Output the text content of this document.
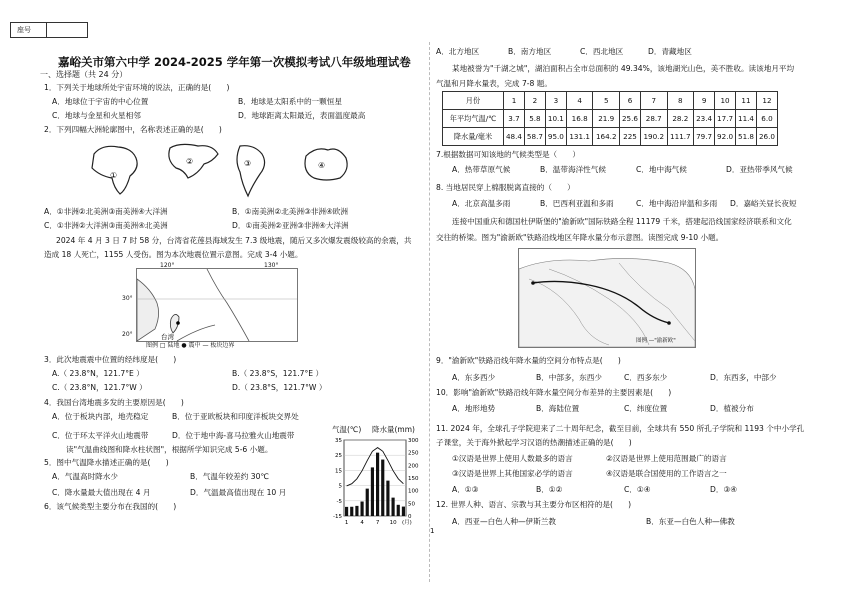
座号
嘉峪关市第六中学 2024-2025 学年第一次模拟考试八年级地理试卷
一、选择题（共 24 分）
1．下列关于地球所处宇宙环境的说法，正确的是(　　)
A．地球位于宇宙的中心位置	B．地球是太阳系中的一颗恒星
C．地球与金星和火星相邻	D．地球距离太阳最近，表面温度最高
2．下列四幅大洲轮廓图中，名称表述正确的是(　　)
①
②	③	④
A．①非洲②北美洲③南美洲④大洋洲	B．①南美洲②北美洲③非洲④欧洲
C．①非洲②大洋洲③南美洲④北美洲	D．①南美洲②亚洲③非洲④大洋洲
2024 年 4 月 3 日 7 时 58 分，台湾省花莲县海域发生 7.3 级地震，随后又多次爆发震级较高的余震，共
造成 18 人死亡，1155 人受伤。图为本次地震位置示意图。完成 3-4 小题。
台湾
120°	130°
30°
20°
图例 □ 陆地 ● 震中 — 板块边界
3．此次地震震中位置的经纬度是(　　)
A.（ 23.8°N，121.7°E ）	B.（ 23.8°S，121.7°E ）
C.（ 23.8°N，121.7°W ）	D.（ 23.8°S，121.7°W ）
4．我国台湾地震多发的主要原因是(　　)
A．位于板块内部，地壳稳定	B．位于亚欧板块和印度洋板块交界处
C．位于环太平洋火山地震带	D．位于地中海-喜马拉雅火山地震带
读"气温曲线图和降水柱状图"，根据所学知识完成 5-6 小题。
5．图中气温降水描述正确的是(　　)
A．气温高时降水少	B．气温年较差约 30℃
C．降水量最大值出现在 4 月	D．气温最高值出现在 10 月
6．该气候类型主要分布在我国的(　　)
气温(℃) 降水量(mm)
35
25
15
5
-5
-15
300
250
200
150
100
50
0
1 4 7 10 (月)
A．北方地区	B．南方地区	C．西北地区	D．青藏地区
某地被誉为"千湖之城"，湖泊面积占全市总面积的 49.34%，该地湖光山色，美不胜收。读该地月平均
气温和月降水量表，完成 7-8 题。
月份	1	2	3	4	5	6	7	8	9	10	11	12
年平均气温/℃	3.7	5.8	10.1	16.8	21.9	25.6	28.7	28.2	23.4	17.7	11.4	6.0
降水量/毫米	48.4	58.7	95.0	131.1	164.2	225	190.2	111.7	79.7	92.0	51.8	26.0
7.根据数据可知该地的气候类型是（　　）
A．热带草原气候	B．温带海洋性气候	C．地中海气候	D．亚热带季风气候
8. 当地居民穿上棉服脱离直接的（　　）
A．北京高温多雨	B．巴西利亚温和多雨	C．地中海沿岸温和多雨 D．嘉峪关昼长夜短
连接中国重庆和德国杜伊斯堡的"渝新欧"国际铁路全程 11179 千米，搭建起沿线国家经济联系和文化
交往的桥梁。图为"渝新欧"铁路沿线地区年降水量分布示意图。读图完成 9-10 小题。
图例 —"渝新欧"
9．"渝新欧"铁路沿线年降水量的空间分布特点是(　　)
A．东多西少	B．中部多，东西少	C．西多东少	D．东西多，中部少
10．影响"渝新欧"铁路沿线年降水量空间分布差异的主要因素是(　　)
A．地形地势	B．海陆位置	C．纬度位置	D．植被分布
11. 2024 年，全球孔子学院迎来了二十周年纪念，截至目前，全球共有 550 所孔子学院和 1193 个中小学孔
子课堂，关于海外掀起学习汉语的热潮描述正确的是(　　)
①汉语是世界上使用人数最多的语言	②汉语是世界上使用范围最广的语言
③汉语是世界上其他国家必学的语言	④汉语是联合国使用的工作语言之一
A．①③	B．①②	C．①④	D．③④
12. 世界人种、语言、宗教与其主要分布区相符的是(　　)
A．西亚—白色人种—伊斯兰教	B．东亚—白色人种—佛教
1
